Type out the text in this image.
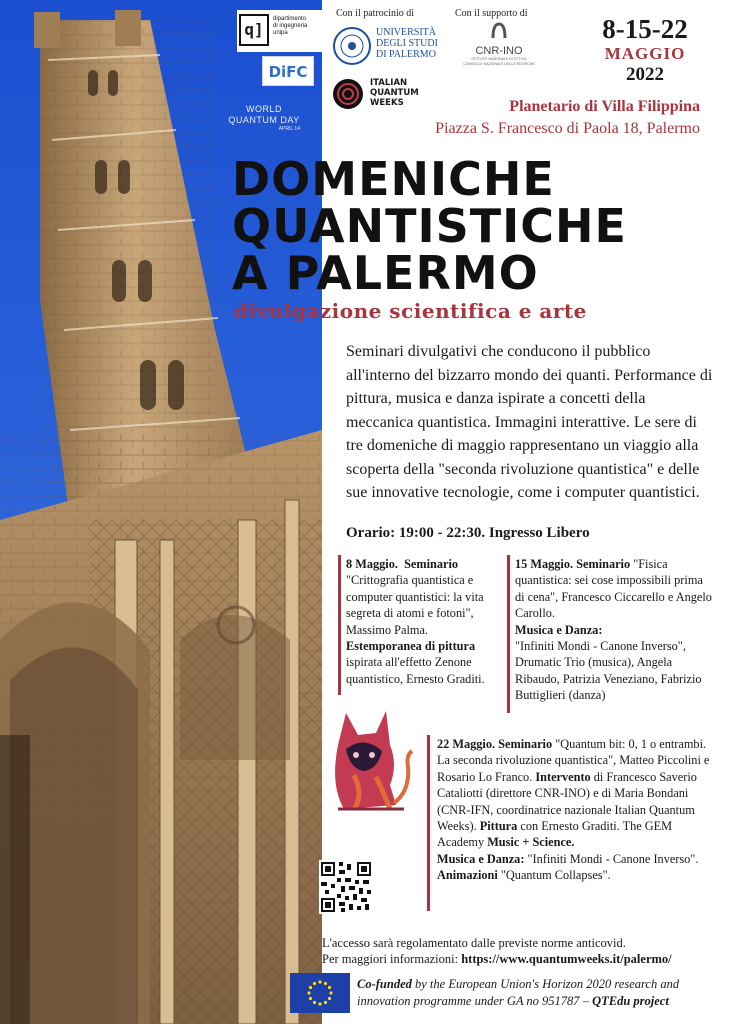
q]
dipartimento
di ingegneria
unipa
DiFC
WORLD
QUANTUM DAY
APRIL 14
Con il patrocinio di
UNIVERSITÀ
DEGLI STUDI
DI PALERMO
ITALIAN
QUANTUM
WEEKS
Con il supporto di
CNR-INO
ISTITUTO NAZIONALE DI OTTICA
CONSIGLIO NAZIONALE DELLE RICERCHE
8-15-22
MAGGIO
2022
Planetario di Villa Filippina
Piazza S. Francesco di Paola 18, Palermo
DOMENICHE
QUANTISTICHE
A PALERMO
divulgazione scientifica e arte
Seminari divulgativi che conducono il pubblico all'interno del bizzarro mondo dei quanti. Performance di pittura, musica e danza ispirate a concetti della meccanica quantistica. Immagini interattive. Le sere di tre domeniche di maggio rappresentano un viaggio alla scoperta della "seconda rivoluzione quantistica" e delle sue innovative tecnologie, come i computer quantistici.
Orario: 19:00 - 22:30. Ingresso Libero
8 Maggio.  Seminario "Crittografia quantistica e computer quantistici: la vita segreta di atomi e fotoni", Massimo Palma. Estemporanea di pittura ispirata all'effetto Zenone quantistico, Ernesto Graditi.
15 Maggio. Seminario "Fisica quantistica: sei cose impossibili prima di cena", Francesco Ciccarello e Angelo Carollo.
Musica e Danza:
"Infiniti Mondi - Canone Inverso", Drumatic Trio (musica), Angela Ribaudo, Patrizia Veneziano, Fabrizio Buttiglieri (danza)
22 Maggio. Seminario "Quantum bit: 0, 1 o entrambi. La seconda rivoluzione quantistica", Matteo Piccolini e Rosario Lo Franco. Intervento di Francesco Saverio Cataliotti (direttore CNR-INO) e di Maria Bondani (CNR-IFN, coordinatrice nazionale Italian Quantum Weeks). Pittura con Ernesto Graditi. The GEM Academy Music + Science.
Musica e Danza: "Infiniti Mondi - Canone Inverso". Animazioni "Quantum Collapses".
L'accesso sarà regolamentato dalle previste norme anticovid.
Per maggiori informazioni: https://www.quantumweeks.it/palermo/
Co-funded by the European Union's Horizon 2020 research and innovation programme under GA no 951787 – QTEdu project
